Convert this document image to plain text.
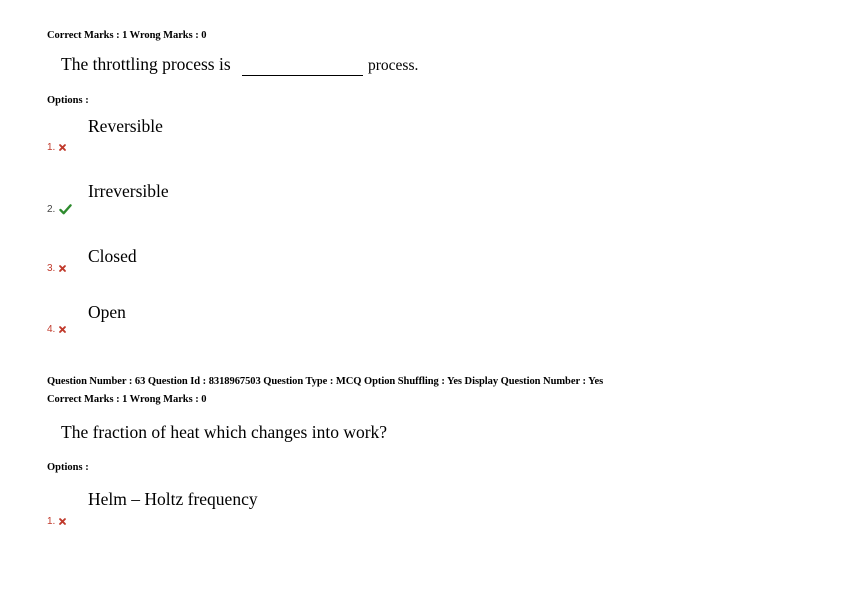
Correct Marks : 1 Wrong Marks : 0
The throttling process is	process.
Options :
Reversible
1.
Irreversible
2.
Closed
3.
Open
4.
Question Number : 63 Question Id : 8318967503 Question Type : MCQ Option Shuffling : Yes Display Question Number : Yes
Correct Marks : 1 Wrong Marks : 0
The fraction of heat which changes into work?
Options :
Helm – Holtz frequency
1.
